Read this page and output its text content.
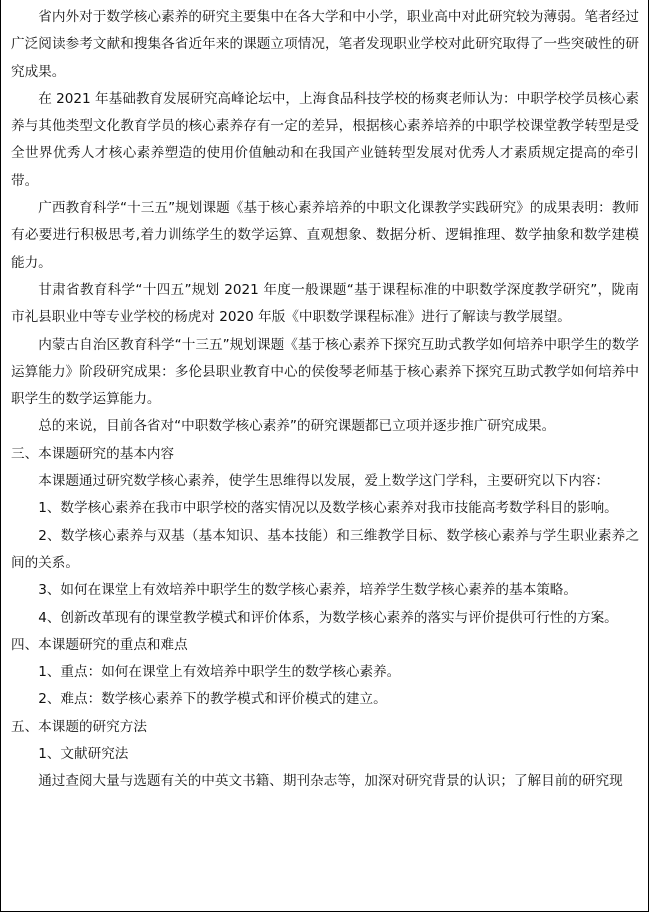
省内外对于数学核心素养的研究主要集中在各大学和中小学，职业高中对此研究较为薄弱。笔者经过广泛阅读参考文献和搜集各省近年来的课题立项情况，笔者发现职业学校对此研究取得了一些突破性的研究成果。

在 2021 年基础教育发展研究高峰论坛中，上海食品科技学校的杨爽老师认为：中职学校学员核心素养与其他类型文化教育学员的核心素养存有一定的差异，根据核心素养培养的中职学校课堂教学转型是受全世界优秀人才核心素养塑造的使用价值触动和在我国产业链转型发展对优秀人才素质规定提高的牵引带。

广西教育科学“十三五”规划课题《基于核心素养培养的中职文化课教学实践研究》的成果表明：教师有必要进行积极思考,着力训练学生的数学运算、直观想象、数据分析、逻辑推理、数学抽象和数学建模能力。

甘肃省教育科学“十四五”规划 2021 年度一般课题“基于课程标准的中职数学深度教学研究”，陇南市礼县职业中等专业学校的杨虎对 2020 年版《中职数学课程标准》进行了解读与教学展望。

内蒙古自治区教育科学“十三五”规划课题《基于核心素养下探究互助式教学如何培养中职学生的数学运算能力》阶段研究成果：多伦县职业教育中心的侯俊琴老师基于核心素养下探究互助式教学如何培养中职学生的数学运算能力。

总的来说，目前各省对“中职数学核心素养”的研究课题都已立项并逐步推广研究成果。

三、本课题研究的基本内容

本课题通过研究数学核心素养，使学生思维得以发展，爱上数学这门学科，主要研究以下内容：

1、数学核心素养在我市中职学校的落实情况以及数学核心素养对我市技能高考数学科目的影响。

2、数学核心素养与双基（基本知识、基本技能）和三维教学目标、数学核心素养与学生职业素养之间的关系。

3、如何在课堂上有效培养中职学生的数学核心素养，培养学生数学核心素养的基本策略。

4、创新改革现有的课堂教学模式和评价体系，为数学核心素养的落实与评价提供可行性的方案。

四、本课题研究的重点和难点

1、重点：如何在课堂上有效培养中职学生的数学核心素养。

2、难点：数学核心素养下的教学模式和评价模式的建立。

五、本课题的研究方法

1、文献研究法

通过查阅大量与选题有关的中英文书籍、期刊杂志等，加深对研究背景的认识；了解目前的研究现
